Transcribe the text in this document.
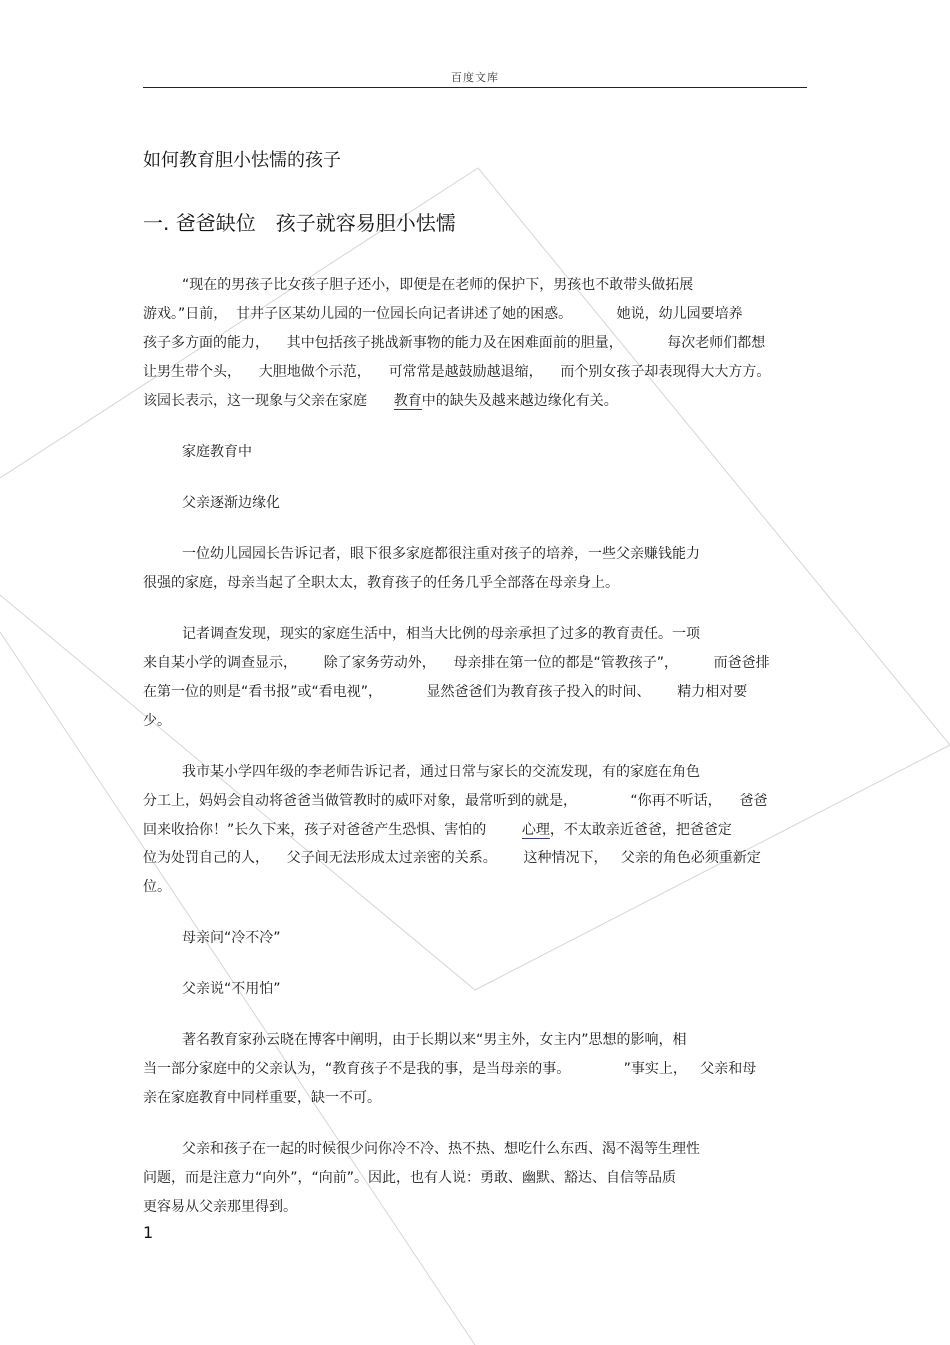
百度文库
如何教育胆小怯懦的孩子
一. 爸爸缺位　孩子就容易胆小怯懦
“现在的男孩子比女孩子胆子还小，即便是在老师的保护下，男孩也不敢带头做拓展
游戏。”日前，  甘井子区某幼儿园的一位园长向记者讲述了她的困惑。          她说，幼儿园要培养
孩子多方面的能力，    其中包括孩子挑战新事物的能力及在困难面前的胆量，          每次老师们都想
让男生带个头，    大胆地做个示范，    可常常是越鼓励越退缩，    而个别女孩子却表现得大大方方。
该园长表示，这一现象与父亲在家庭      教育中的缺失及越来越边缘化有关。
家庭教育中
父亲逐渐边缘化
一位幼儿园园长告诉记者，眼下很多家庭都很注重对孩子的培养，一些父亲赚钱能力
很强的家庭，母亲当起了全职太太，教育孩子的任务几乎全部落在母亲身上。
记者调查发现，现实的家庭生活中，相当大比例的母亲承担了过多的教育责任。一项
来自某小学的调查显示，      除了家务劳动外，    母亲排在第一位的都是“管教孩子”，        而爸爸排
在第一位的则是“看书报”或“看电视”，          显然爸爸们为教育孩子投入的时间、      精力相对要
少。
我市某小学四年级的李老师告诉记者，通过日常与家长的交流发现，有的家庭在角色
分工上，妈妈会自动将爸爸当做管教时的威吓对象，最常听到的就是，            “你再不听话，    爸爸
回来收拾你！”长久下来，孩子对爸爸产生恐惧、害怕的        心理，不太敢亲近爸爸，把爸爸定
位为处罚自己的人，    父子间无法形成太过亲密的关系。      这种情况下，   父亲的角色必须重新定
位。
母亲问“冷不冷”
父亲说“不用怕”
著名教育家孙云晓在博客中阐明，由于长期以来“男主外，女主内”思想的影响，相
当一部分家庭中的父亲认为，“教育孩子不是我的事，是当母亲的事。            ”事实上，   父亲和母
亲在家庭教育中同样重要，缺一不可。
父亲和孩子在一起的时候很少问你冷不冷、热不热、想吃什么东西、渴不渴等生理性
问题，而是注意力“向外”，“向前”。因此，也有人说：勇敢、幽默、豁达、自信等品质
更容易从父亲那里得到。
1
